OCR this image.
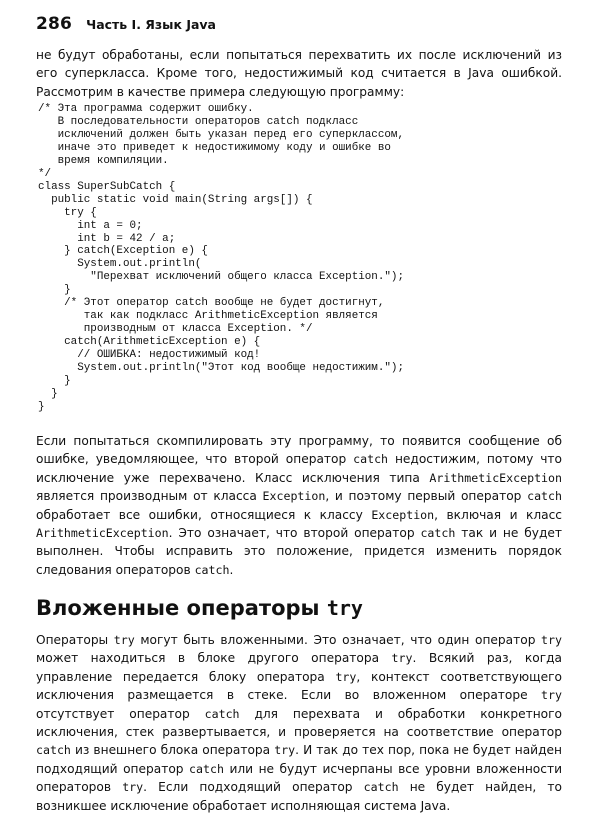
286 Часть I. Язык Java
не будут обработаны, если попытаться перехватить их после исключений из его суперкласса. Кроме того, недостижимый код считается в Java ошибкой. Рассмотрим в качестве примера следующую программу:
/* Эта программа содержит ошибку.
В последовательности операторов catch подкласс
исключений должен быть указан перед его суперклассом,
иначе это приведет к недостижимому коду и ошибке во
время компиляции.
*/
class SuperSubCatch {
public static void main(String args[]) {
try {
int a = 0;
int b = 42 / a;
} catch(Exception e) {
System.out.println(
"Перехват исключений общего класса Exception.");
}
/* Этот оператор catch вообще не будет достигнут,
так как подкласс ArithmeticException является
производным от класса Exception. */
catch(ArithmeticException e) {
// ОШИБКА: недостижимый код!
System.out.println("Этот код вообще недостижим.");
}
}
}
Если попытаться скомпилировать эту программу, то появится сообщение об ошибке, уведомляющее, что второй оператор catch недостижим, потому что исключение уже перехвачено. Класс исключения типа ArithmeticException является производным от класса Exception, и поэтому первый оператор catch обработает все ошибки, относящиеся к классу Exception, включая и класс ArithmeticException. Это означает, что второй оператор catch так и не будет выполнен. Чтобы исправить это положение, придется изменить порядок следования операторов catch.
Вложенные операторы try
Операторы try могут быть вложенными. Это означает, что один оператор try может находиться в блоке другого оператора try. Всякий раз, когда управление передается блоку оператора try, контекст соответствующего исключения размещается в стеке. Если во вложенном операторе try отсутствует оператор catch для перехвата и обработки конкретного исключения, стек развертывается, и проверяется на соответствие оператор catch из внешнего блока оператора try. И так до тех пор, пока не будет найден подходящий оператор catch или не будут исчерпаны все уровни вложенности операторов try. Если подходящий оператор catch не будет найден, то возникшее исключение обработает исполняющая система Java.
